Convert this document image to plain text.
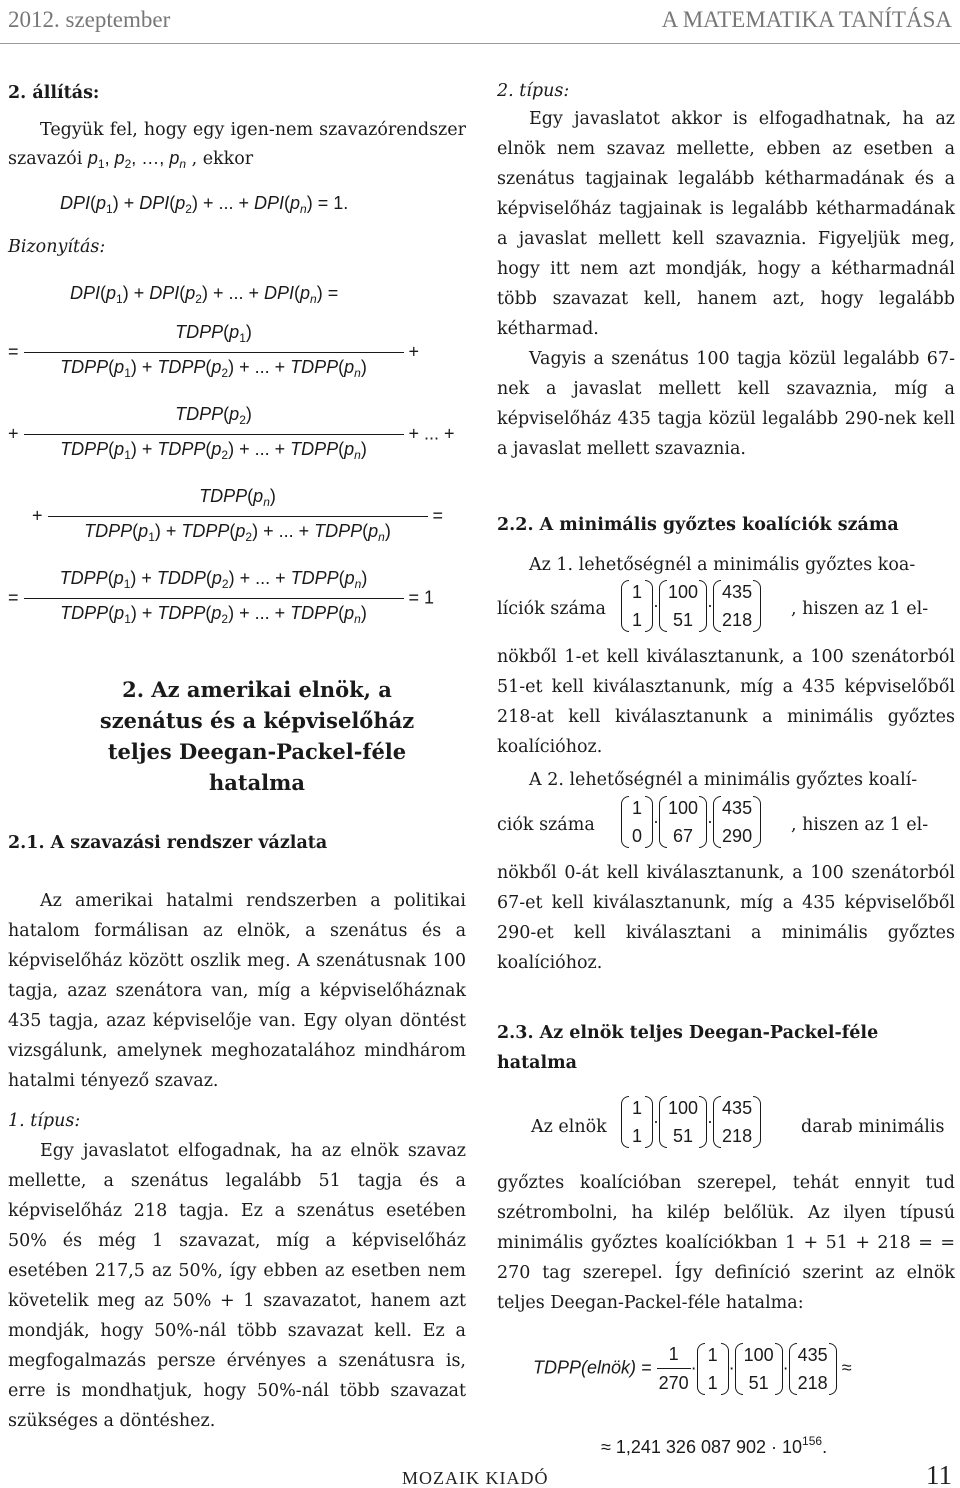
2012. szeptember	A MATEMATIKA TANÍTÁSA
2. állítás:

Tegyük fel, hogy egy igen-nem szavazórendszer szavazói $p_1$, $p_2$, …, $p_n$ , ekkor

$DPI(p_1) + DPI(p_2)$ + ... + $DPI(p_n) = 1$.
Bizonyítás:
$DPI(p_1) + DPI(p_2)$ + ... + $DPI(p_n)$ =
= $\frac{TDPP(p_1)}{TDPP(p_1) + TDPP(p_2) + ... + TDPP(p_n)}$ +
+ $\frac{TDPP(p_2)}{TDPP(p_1) + TDPP(p_2) + ... + TDPP(p_n)}$ + ... +
+ $\frac{TDPP(p_n)}{TDPP(p_1) + TDPP(p_2) + ... + TDPP(p_n)}$ =
= $\frac{TDPP(p_1) + TDDP(p_2) + ... + TDPP(p_n)}{TDPP(p_1) + TDPP(p_2) + ... + TDPP(p_n)} = 1$
2. Az amerikai elnök, a szenátus és a képviselőház teljes Deegan-Packel-féle hatalma
2.1. A szavazási rendszer vázlata

Az amerikai hatalmi rendszerben a politikai hatalom formálisan az elnök, a szenátus és a képviselőház között oszlik meg. A szenátusnak 100 tagja, azaz szenátora van, míg a képviselőháznak 435 tagja, azaz képviselője van. Egy olyan döntést vizsgálunk, amelynek meghozatalához mindhárom hatalmi tényező szavaz.

1. típus:

Egy javaslatot elfogadnak, ha az elnök szavaz mellette, a szenátus legalább 51 tagja és a képviselőház 218 tagja. Ez a szenátus esetében 50% és még 1 szavazat, míg a képviselőház esetében 217,5 az 50%, így ebben az esetben nem követelik meg az 50% + 1 szavazatot, hanem azt mondják, hogy 50%-nál több szavazat kell. Ez a megfogalmazás persze érvényes a szenátusra is, erre is mondhatjuk, hogy 50%-nál több szavazat szükséges a döntéshez.

2. típus:

Egy javaslatot akkor is elfogadhatnak, ha az elnök nem szavaz mellette, ebben az esetben a szenátus tagjainak legalább kétharmadának és a képviselőház tagjainak is legalább kétharmadának a javaslat mellett kell szavaznia. Figyeljük meg, hogy itt nem azt mondják, hogy a kétharmadnál több szavazat kell, hanem azt, hogy legalább kétharmad.

Vagyis a szenátus 100 tagja közül legalább 67-nek a javaslat mellett kell szavaznia, míg a képviselőház 435 tagja közül legalább 290-nek kell a javaslat mellett szavaznia.

2.2. A minimális győztes koalíciók száma

Az 1. lehetőségnél a minimális győztes koa-

líciók száma
1
1
·
100
51
·
435
218
, hiszen az 1 el-

nökből 1-et kell kiválasztanunk, a 100 szenátorból 51-et kell kiválasztanunk, míg a 435 képviselőből 218-at kell kiválasztanunk a minimális győztes koalícióhoz.

A 2. lehetőségnél a minimális győztes koalí-

ciók száma
1
0
·
100
67
·
435
290
, hiszen az 1 el-

nökből 0-át kell kiválasztanunk, a 100 szenátorból 67-et kell kiválasztanunk, míg a 435 képviselőből 290-et kell kiválasztani a minimális győztes koalícióhoz.

2.3. Az elnök teljes Deegan-Packel-féle hatalma
Az elnök
1
1
·
100
51
·
435
218	darab minimális

győztes koalícióban szerepel, tehát ennyit tud szétrombolni, ha kilép belőlük. Az ilyen típusú minimális győztes koalíciókban 1 + 51 + 218 = = 270 tag szerepel. Így definíció szerint az elnök teljes Deegan-Packel-féle hatalma:

TDPP(elnök) = $\frac{1}{270}$ ·
1
1
·
100
51
·
435
218
≈
≈ 1,241 326 087 $902 \cdot 10^{156}$.
MOZAIK KIADÓ	11
